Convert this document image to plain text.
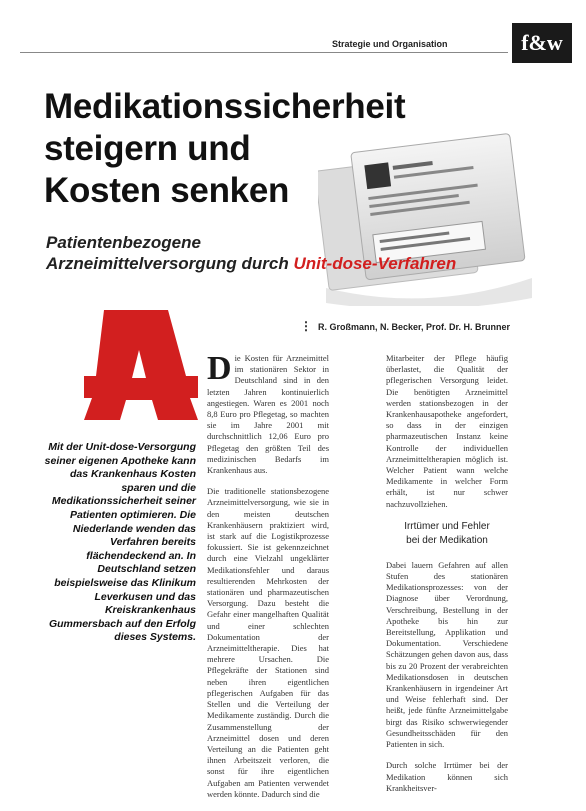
f&w
Strategie und Organisation
Medikationssicherheit
steigern und
Kosten senken
Patientenbezogene
Arzneimittelversorgung durch Unit-dose-Verfahren
⋮ R. Großmann, N. Becker, Prof. Dr. H. Brunner
Mit der Unit-dose-Versorgung seiner eigenen Apotheke kann das Krankenhaus Kosten sparen und die Medikationssicherheit seiner Patienten optimieren. Die Niederlande wenden das Verfahren bereits flächendeckend an. In Deutschland setzen beispielsweise das Klinikum Leverkusen und das Kreiskrankenhaus Gummersbach auf den Erfolg dieses Systems.

Die Kosten für Arzneimittel im stationären Sektor in Deutschland sind in den letzten Jahren kontinuierlich angestiegen. Waren es 2001 noch 8,8 Euro pro Pflegetag, so machten sie im Jahre 2001 mit durchschnittlich 12,06 Euro pro Pflegetag den größten Teil des medizinischen Bedarfs im Krankenhaus aus.

Die traditionelle stationsbezogene Arzneimittelversorgung, wie sie in den meisten deutschen Krankenhäusern praktiziert wird, ist stark auf die Logistikprozesse fokussiert. Sie ist gekennzeichnet durch eine Vielzahl ungeklärter Medikationsfehler und daraus resultierenden Mehrkosten der stationären und pharmazeutischen Versorgung. Dazu besteht die Gefahr einer mangelhaften Qualität und einer schlechten Dokumentation der Arzneimitteltherapie. Dies hat mehrere Ursachen. Die Pflegekräfte der Stationen sind neben ihren eigentlichen pflegerischen Aufgaben für das Stellen und die Verteilung der Medikamente zuständig. Durch die Zusammenstellung der Arzneimittel dosen und deren Verteilung an die Patienten geht ihnen Arbeitszeit verloren, die sonst für ihre eigentlichen Aufgaben am Patienten verwendet werden könnte. Dadurch sind die

Mitarbeiter der Pflege häufig überlastet, die Qualität der pflegerischen Versorgung leidet. Die benötigten Arzneimittel werden stationsbezogen in der Krankenhausapotheke angefordert, so dass in der einzigen pharmazeutischen Instanz keine Kontrolle der individuellen Arzneimitteltherapien möglich ist. Welcher Patient wann welche Medikamente in welcher Form erhält, ist nur schwer nachzuvollziehen.

Irrtümer und Fehler
bei der Medikation

Dabei lauern Gefahren auf allen Stufen des stationären Medikationsprozesses: von der Diagnose über Verordnung, Verschreibung, Bestellung in der Apotheke bis hin zur Bereitstellung, Applikation und Dokumentation. Verschiedene Schätzungen gehen davon aus, dass bis zu 20 Prozent der verabreichten Medikationsdosen in deutschen Krankenhäusern in irgendeiner Art und Weise fehlerhaft sind. Der heißt, jede fünfte Arzneimittelgabe birgt das Risiko schwerwiegender Gesundheitsschäden für den Patienten in sich.

Durch solche Irrtümer bei der Medikation können sich Krankheitsver-
